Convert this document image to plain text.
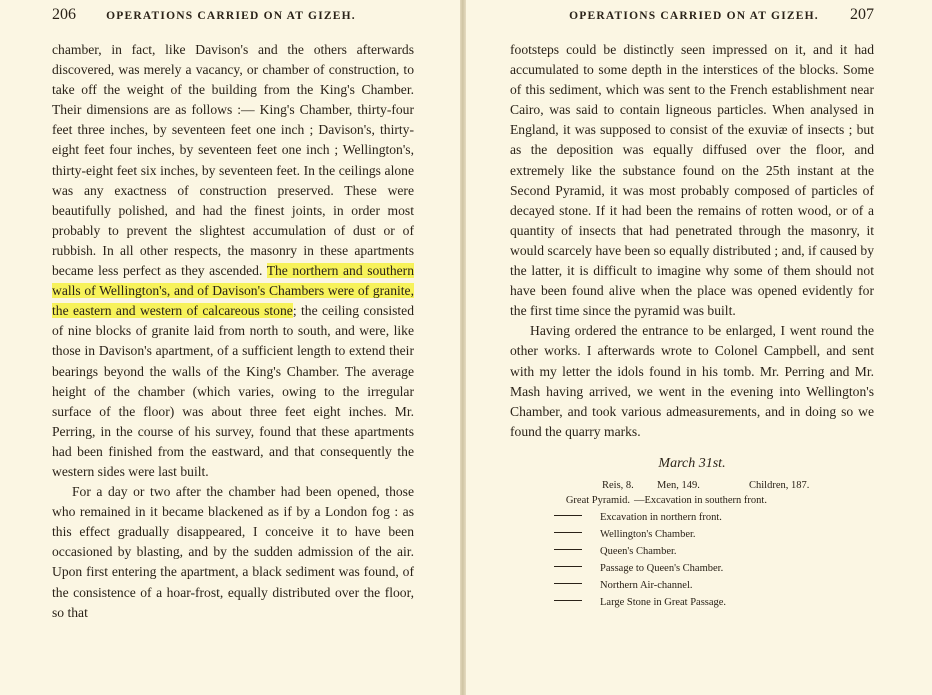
206	OPERATIONS CARRIED ON AT GIZEH.

chamber, in fact, like Davison's and the others afterwards discovered, was merely a vacancy, or chamber of construction, to take off the weight of the building from the King's Chamber. Their dimensions are as follows :— King's Chamber, thirty-four feet three inches, by seventeen feet one inch ; Davison's, thirty-eight feet four inches, by seventeen feet one inch ; Wellington's, thirty-eight feet six inches, by seventeen feet. In the ceilings alone was any exactness of construction preserved. These were beautifully polished, and had the finest joints, in order most probably to prevent the slightest accumulation of dust or of rubbish. In all other respects, the masonry in these apartments became less perfect as they ascended. The northern and southern walls of Wellington's, and of Davison's Chambers were of granite, the eastern and western of calcareous stone; the ceiling consisted of nine blocks of granite laid from north to south, and were, like those in Davison's apartment, of a sufficient length to extend their bearings beyond the walls of the King's Chamber. The average height of the chamber (which varies, owing to the irregular surface of the floor) was about three feet eight inches. Mr. Perring, in the course of his survey, found that these apartments had been finished from the eastward, and that consequently the western sides were last built.

For a day or two after the chamber had been opened, those who remained in it became blackened as if by a London fog : as this effect gradually disappeared, I conceive it to have been occasioned by blasting, and by the sudden admission of the air. Upon first entering the apartment, a black sediment was found, of the consistence of a hoar-frost, equally distributed over the floor, so that

OPERATIONS CARRIED ON AT GIZEH. 207

footsteps could be distinctly seen impressed on it, and it had accumulated to some depth in the interstices of the blocks. Some of this sediment, which was sent to the French establishment near Cairo, was said to contain ligneous particles. When analysed in England, it was supposed to consist of the exuviæ of insects ; but as the deposition was equally diffused over the floor, and extremely like the substance found on the 25th instant at the Second Pyramid, it was most probably composed of particles of decayed stone. If it had been the remains of rotten wood, or of a quantity of insects that had penetrated through the masonry, it would scarcely have been so equally distributed ; and, if caused by the latter, it is difficult to imagine why some of them should not have been found alive when the place was opened evidently for the first time since the pyramid was built.

Having ordered the entrance to be enlarged, I went round the other works. I afterwards wrote to Colonel Campbell, and sent with my letter the idols found in his tomb. Mr. Perring and Mr. Mash having arrived, we went in the evening into Wellington's Chamber, and took various admeasurements, and in doing so we found the quarry marks.

March 31st.
Reis, 8.	Men, 149.	Children, 187.
Great Pyramid. —Excavation in southern front.
Excavation in northern front.
Wellington's Chamber.
Queen's Chamber.
Passage to Queen's Chamber.
Northern Air-channel.
Large Stone in Great Passage.
